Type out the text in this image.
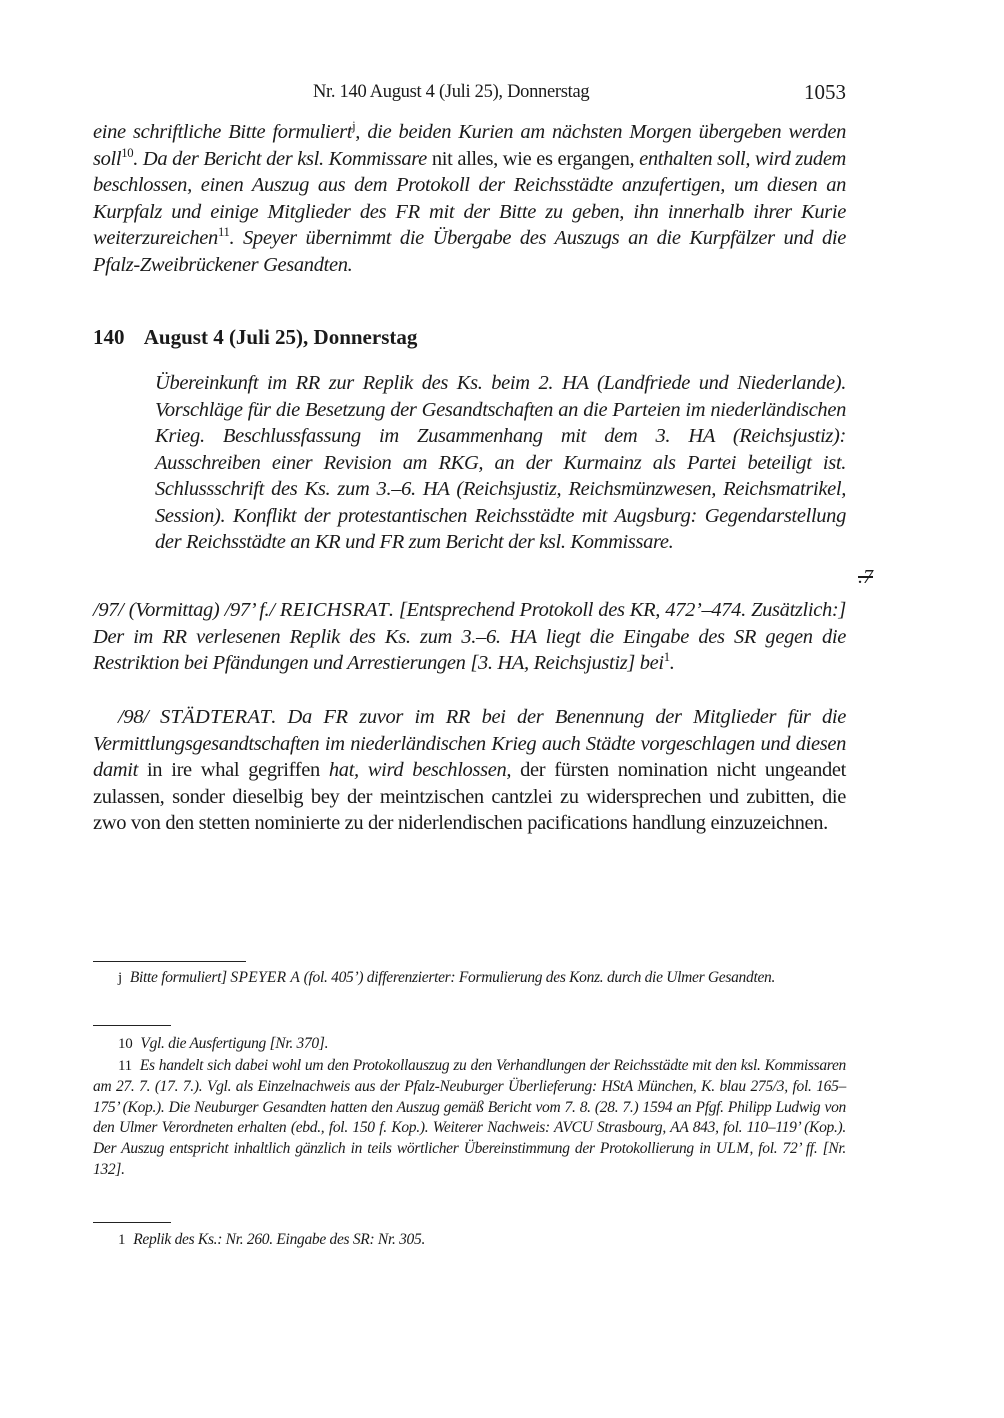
Nr. 140 August 4 (Juli 25), Donnerstag	1053
eine schriftliche Bitte formuliert$^j$, die beiden Kurien am nächsten Morgen übergeben werden soll$^{10}$. Da der Bericht der ksl. Kommissare nit alles, wie es ergangen, enthalten soll, wird zudem beschlossen, einen Auszug aus dem Protokoll der Reichsstädte anzufertigen, um diesen an Kurpfalz und einige Mitglieder des FR mit der Bitte zu geben, ihn innerhalb ihrer Kurie weiterzureichen$^{11}$. Speyer übernimmt die Übergabe des Auszugs an die Kurpfälzer und die Pfalz-Zweibrückener Gesandten.
140 August 4 (Juli 25), Donnerstag
Übereinkunft im RR zur Replik des Ks. beim 2. HA (Landfriede und Niederlande). Vorschläge für die Besetzung der Gesandtschaften an die Parteien im niederländischen Krieg. Beschlussfassung im Zusammenhang mit dem 3. HA (Reichsjustiz): Ausschreiben einer Revision am RKG, an der Kurmainz als Partei beteiligt ist. Schlussschrift des Ks. zum 3.–6. HA (Reichsjustiz, Reichsmünzwesen, Reichsmatrikel, Session). Konflikt der protestantischen Reichsstädte mit Augsburg: Gegendarstellung der Reichsstädte an KR und FR zum Bericht der ksl. Kommissare.
.7
/97/ (Vormittag) /97’ f./ REICHSRAT. [Entsprechend Protokoll des KR, 472’–474. Zusätzlich:] Der im RR verlesenen Replik des Ks. zum 3.–6. HA liegt die Eingabe des SR gegen die Restriktion bei Pfändungen und Arrestierungen [3. HA, Reichsjustiz] bei$^1$.
/98/ STÄDTERAT. Da FR zuvor im RR bei der Benennung der Mitglieder für die Vermittlungsgesandtschaften im niederländischen Krieg auch Städte vorgeschlagen und diesen damit in ire whal gegriffen hat, wird beschlossen, der fürsten nomination nicht ungeandet zulassen, sonder dieselbig bey der meintzischen cantzlei zu widersprechen und zubitten, die zwo von den stetten nominierte zu der niderlendischen pacifications handlung einzuzeichnen.
j Bitte formuliert] SPEYER A (fol. 405’) differenzierter: Formulierung des Konz. durch die Ulmer Gesandten.
10 Vgl. die Ausfertigung [Nr. 370].
11 Es handelt sich dabei wohl um den Protokollauszug zu den Verhandlungen der Reichsstädte mit den ksl. Kommissaren am 27. 7. (17. 7.). Vgl. als Einzelnachweis aus der Pfalz-Neuburger Überlieferung: HStA München, K. blau 275/3, fol. 165–175’ (Kop.). Die Neuburger Gesandten hatten den Auszug gemäß Bericht vom 7. 8. (28. 7.) 1594 an Pfgf. Philipp Ludwig von den Ulmer Verordneten erhalten (ebd., fol. 150 f. Kop.). Weiterer Nachweis: AVCU Strasbourg, AA 843, fol. 110–119’ (Kop.). Der Auszug entspricht inhaltlich gänzlich in teils wörtlicher Übereinstimmung der Protokollierung in ULM, fol. 72’ ff. [Nr. 132].
1 Replik des Ks.: Nr. 260. Eingabe des SR: Nr. 305.
